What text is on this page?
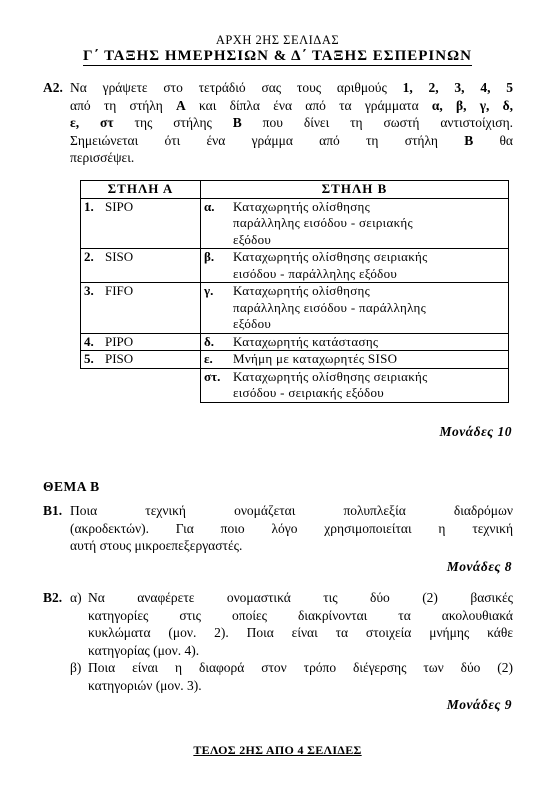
ΑΡΧΗ 2ΗΣ ΣΕΛΙΔΑΣ
Γ΄ ΤΑΞΗΣ ΗΜΕΡΗΣΙΩΝ & Δ΄ ΤΑΞΗΣ ΕΣΠΕΡΙΝΩΝ
Α2. Να γράψετε στο τετράδιό σας τους αριθμούς 1, 2, 3, 4, 5
από τη στήλη Α και δίπλα ένα από τα γράμματα α, β, γ, δ,
ε, στ της στήλης Β που δίνει τη σωστή αντιστοίχιση.
Σημειώνεται ότι ένα γράμμα από τη στήλη Β θα
περισσέψει.
ΣΤΗΛΗ Α		ΣΤΗΛΗ Β	
1.	SIPO	α.	Καταχωρητής ολίσθησης
παράλληλης εισόδου - σειριακής
εξόδου

2.	SISO	β.	Καταχωρητής ολίσθησης σειριακής
εισόδου - παράλληλης εξόδου

3.	FIFO	γ.	Καταχωρητής ολίσθησης
παράλληλης εισόδου - παράλληλης
εξόδου

4.	PIPO	δ.	Καταχωρητής κατάστασης

5.	PISO	ε.	Μνήμη με καταχωρητές SISO

		στ.	Καταχωρητής ολίσθησης σειριακής
εισόδου - σειριακής εξόδου
Μονάδες 10
ΘΕΜΑ Β
Β1. Ποια τεχνική ονομάζεται πολυπλεξία διαδρόμων
(ακροδεκτών). Για ποιο λόγο χρησιμοποιείται η τεχνική
αυτή στους μικροεπεξεργαστές.
Μονάδες 8
Β2. α) Να αναφέρετε ονομαστικά τις δύο (2) βασικές
κατηγορίες στις οποίες διακρίνονται τα ακολουθιακά
κυκλώματα (μον. 2). Ποια είναι τα στοιχεία μνήμης κάθε
κατηγορίας (μον. 4).
β) Ποια είναι η διαφορά στον τρόπο διέγερσης των δύο (2)
κατηγοριών (μον. 3).
Μονάδες 9
ΤΕΛΟΣ 2ΗΣ ΑΠΟ 4 ΣΕΛΙΔΕΣ
